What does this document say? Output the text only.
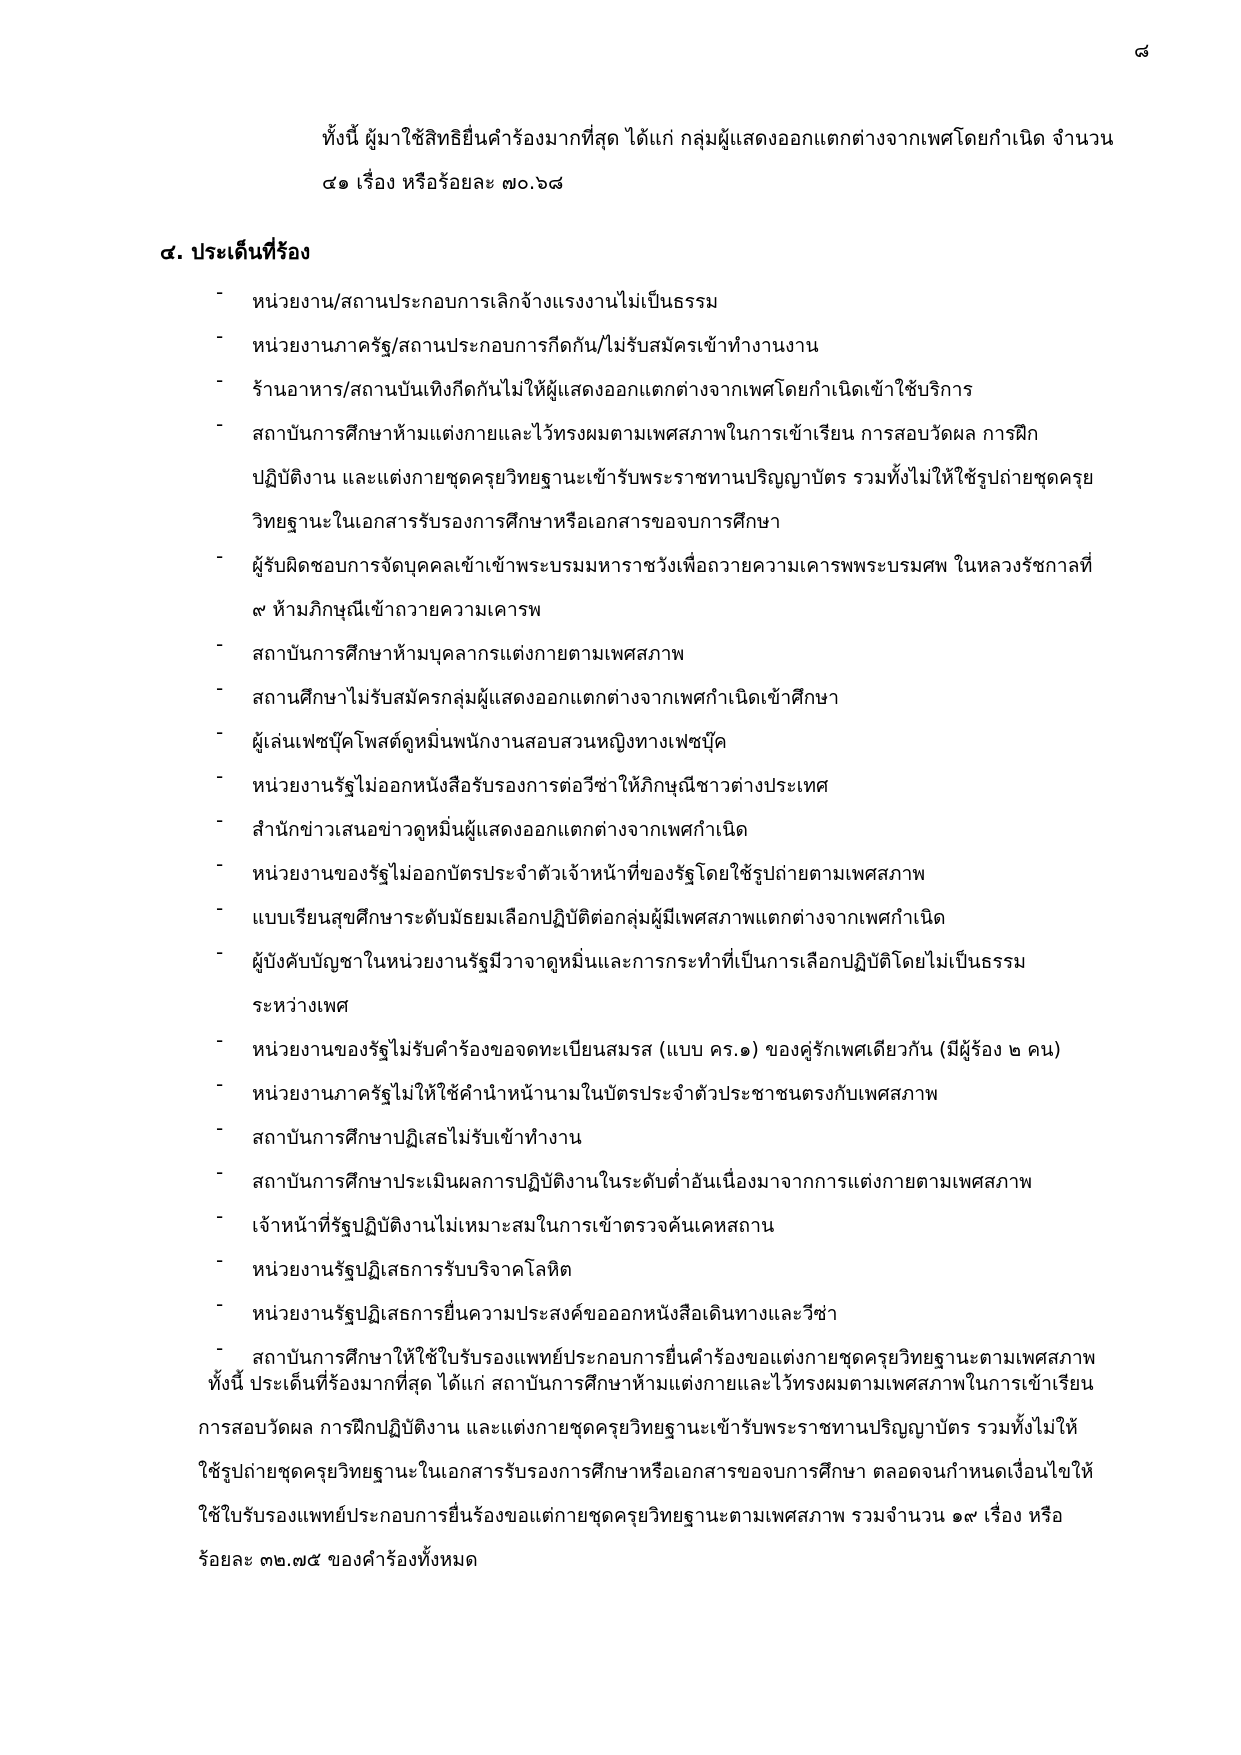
๘
ทั้งนี้ ผู้มาใช้สิทธิยื่นคำร้องมากที่สุด ได้แก่ กลุ่มผู้แสดงออกแตกต่างจากเพศโดยกำเนิด จำนวน
๔๑ เรื่อง หรือร้อยละ ๗๐.๖๘
๔. ประเด็นที่ร้อง
-	หน่วยงาน/สถานประกอบการเลิกจ้างแรงงานไม่เป็นธรรม
-	หน่วยงานภาครัฐ/สถานประกอบการกีดกัน/ไม่รับสมัครเข้าทำงานงาน
-	ร้านอาหาร/สถานบันเทิงกีดกันไม่ให้ผู้แสดงออกแตกต่างจากเพศโดยกำเนิดเข้าใช้บริการ
-	สถาบันการศึกษาห้ามแต่งกายและไว้ทรงผมตามเพศสภาพในการเข้าเรียน การสอบวัดผล การฝึก
ปฏิบัติงาน และแต่งกายชุดครุยวิทยฐานะเข้ารับพระราชทานปริญญาบัตร รวมทั้งไม่ให้ใช้รูปถ่ายชุดครุย
วิทยฐานะในเอกสารรับรองการศึกษาหรือเอกสารขอจบการศึกษา
-	ผู้รับผิดชอบการจัดบุคคลเข้าเข้าพระบรมมหาราชวังเพื่อถวายความเคารพพระบรมศพ ในหลวงรัชกาลที่
๙ ห้ามภิกษุณีเข้าถวายความเคารพ
-	สถาบันการศึกษาห้ามบุคลากรแต่งกายตามเพศสภาพ
-	สถานศึกษาไม่รับสมัครกลุ่มผู้แสดงออกแตกต่างจากเพศกำเนิดเข้าศึกษา
-	ผู้เล่นเฟซบุ๊คโพสต์ดูหมิ่นพนักงานสอบสวนหญิงทางเฟซบุ๊ค
-	หน่วยงานรัฐไม่ออกหนังสือรับรองการต่อวีซ่าให้ภิกษุณีชาวต่างประเทศ
-	สำนักข่าวเสนอข่าวดูหมิ่นผู้แสดงออกแตกต่างจากเพศกำเนิด
-	หน่วยงานของรัฐไม่ออกบัตรประจำตัวเจ้าหน้าที่ของรัฐโดยใช้รูปถ่ายตามเพศสภาพ
-	แบบเรียนสุขศึกษาระดับมัธยมเลือกปฏิบัติต่อกลุ่มผู้มีเพศสภาพแตกต่างจากเพศกำเนิด
-	ผู้บังคับบัญชาในหน่วยงานรัฐมีวาจาดูหมิ่นและการกระทำที่เป็นการเลือกปฏิบัติโดยไม่เป็นธรรม
ระหว่างเพศ
-	หน่วยงานของรัฐไม่รับคำร้องขอจดทะเบียนสมรส (แบบ คร.๑) ของคู่รักเพศเดียวกัน (มีผู้ร้อง ๒ คน)
-	หน่วยงานภาครัฐไม่ให้ใช้คำนำหน้านามในบัตรประจำตัวประชาชนตรงกับเพศสภาพ
-	สถาบันการศึกษาปฏิเสธไม่รับเข้าทำงาน
-	สถาบันการศึกษาประเมินผลการปฏิบัติงานในระดับต่ำอันเนื่องมาจากการแต่งกายตามเพศสภาพ
-	เจ้าหน้าที่รัฐปฏิบัติงานไม่เหมาะสมในการเข้าตรวจค้นเคหสถาน
-	หน่วยงานรัฐปฏิเสธการรับบริจาคโลหิต
-	หน่วยงานรัฐปฏิเสธการยื่นความประสงค์ขอออกหนังสือเดินทางและวีซ่า
-	สถาบันการศึกษาให้ใช้ใบรับรองแพทย์ประกอบการยื่นคำร้องขอแต่งกายชุดครุยวิทยฐานะตามเพศสภาพ
ทั้งนี้ ประเด็นที่ร้องมากที่สุด ได้แก่ สถาบันการศึกษาห้ามแต่งกายและไว้ทรงผมตามเพศสภาพในการเข้าเรียน
การสอบวัดผล การฝึกปฏิบัติงาน และแต่งกายชุดครุยวิทยฐานะเข้ารับพระราชทานปริญญาบัตร รวมทั้งไม่ให้
ใช้รูปถ่ายชุดครุยวิทยฐานะในเอกสารรับรองการศึกษาหรือเอกสารขอจบการศึกษา ตลอดจนกำหนดเงื่อนไขให้
ใช้ใบรับรองแพทย์ประกอบการยื่นร้องขอแต่กายชุดครุยวิทยฐานะตามเพศสภาพ รวมจำนวน ๑๙ เรื่อง หรือ
ร้อยละ ๓๒.๗๕ ของคำร้องทั้งหมด
